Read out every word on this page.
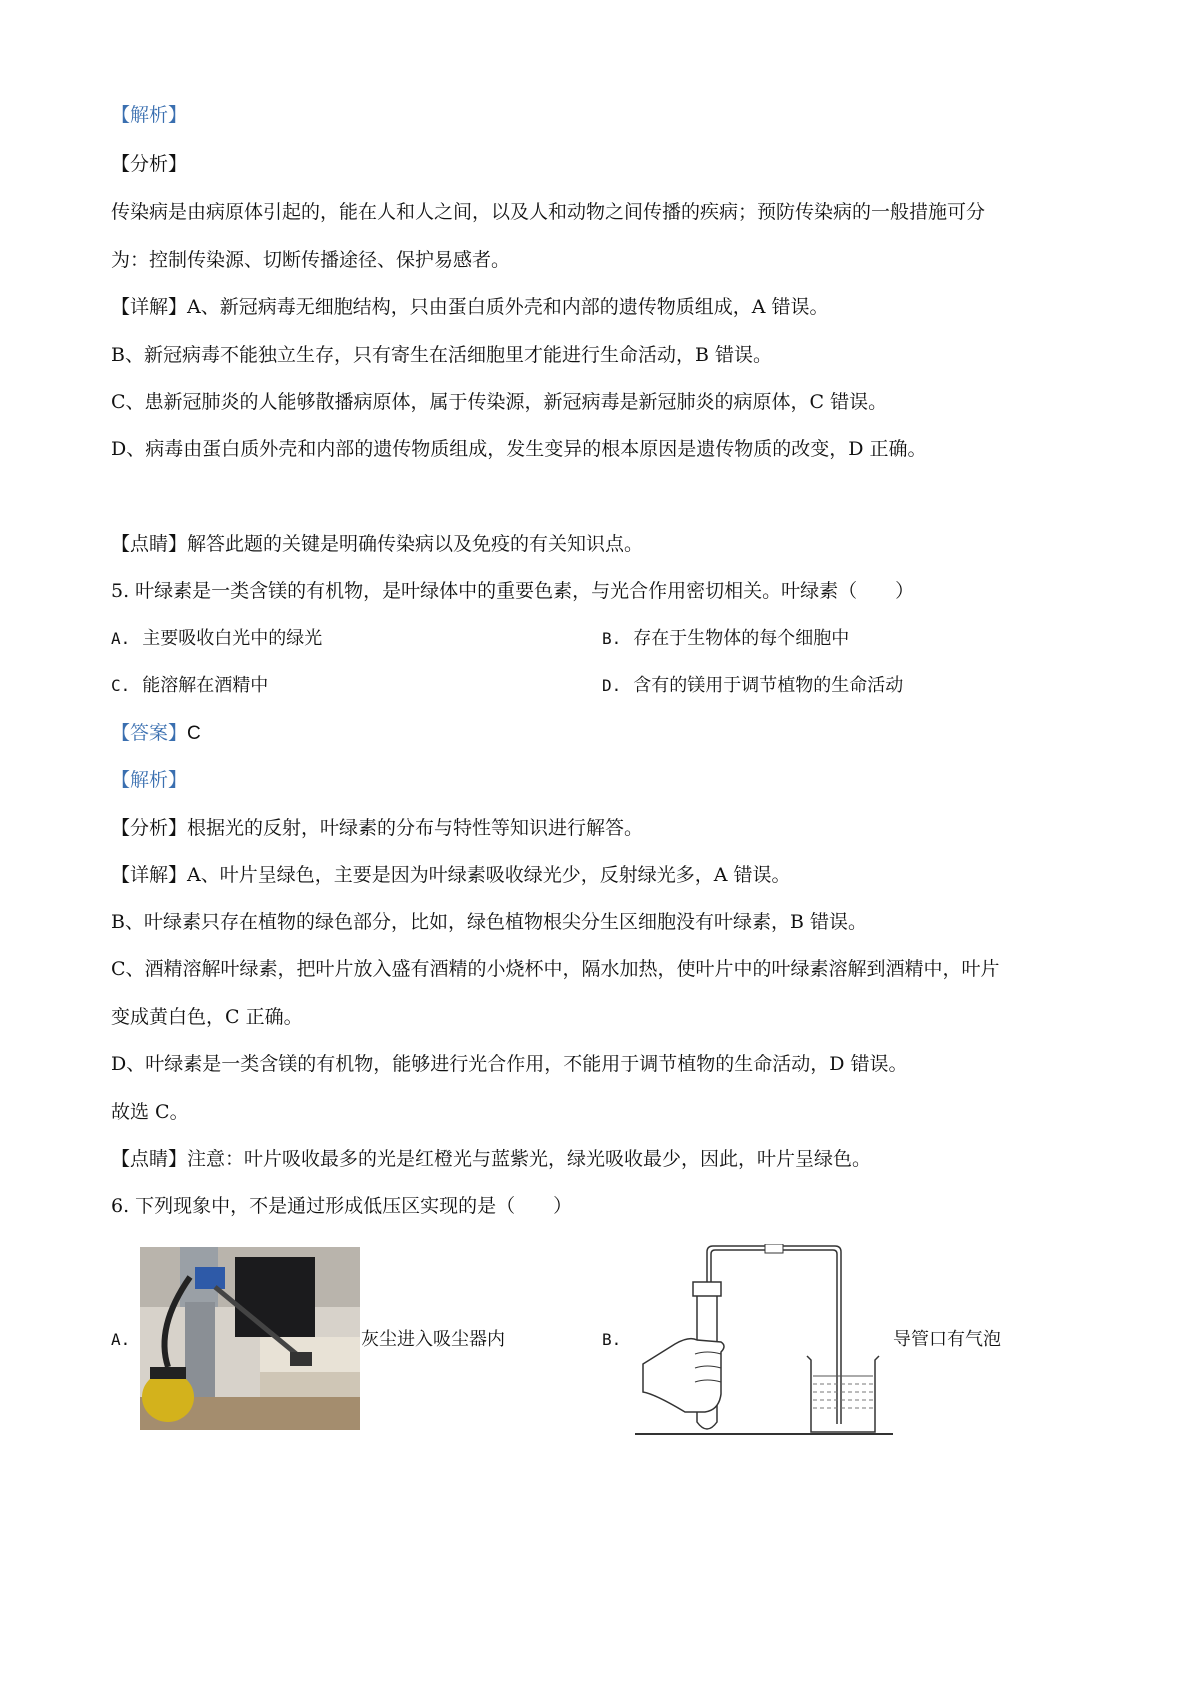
【解析】
【分析】
传染病是由病原体引起的，能在人和人之间，以及人和动物之间传播的疾病；预防传染病的一般措施可分
为：控制传染源、切断传播途径、保护易感者。
【详解】A、新冠病毒无细胞结构，只由蛋白质外壳和内部的遗传物质组成，A 错误。
B、新冠病毒不能独立生存，只有寄生在活细胞里才能进行生命活动，B 错误。
C、患新冠肺炎的人能够散播病原体，属于传染源，新冠病毒是新冠肺炎的病原体，C 错误。
D、病毒由蛋白质外壳和内部的遗传物质组成，发生变异的根本原因是遗传物质的改变，D 正确。
【点睛】解答此题的关键是明确传染病以及免疫的有关知识点。
5. 叶绿素是一类含镁的有机物，是叶绿体中的重要色素，与光合作用密切相关。叶绿素（　　）
A. 主要吸收白光中的绿光	B. 存在于生物体的每个细胞中
C. 能溶解在酒精中	D. 含有的镁用于调节植物的生命活动
【答案】C
【解析】
【分析】根据光的反射，叶绿素的分布与特性等知识进行解答。
【详解】A、叶片呈绿色，主要是因为叶绿素吸收绿光少，反射绿光多，A 错误。
B、叶绿素只存在植物的绿色部分，比如，绿色植物根尖分生区细胞没有叶绿素，B 错误。
C、酒精溶解叶绿素，把叶片放入盛有酒精的小烧杯中，隔水加热，使叶片中的叶绿素溶解到酒精中，叶片
变成黄白色，C 正确。
D、叶绿素是一类含镁的有机物，能够进行光合作用，不能用于调节植物的生命活动，D 错误。
故选 C。
【点睛】注意：叶片吸收最多的光是红橙光与蓝紫光，绿光吸收最少，因此，叶片呈绿色。
6. 下列现象中，不是通过形成低压区实现的是（　　）
A.	灰尘进入吸尘器内	B.	导管口有气泡
